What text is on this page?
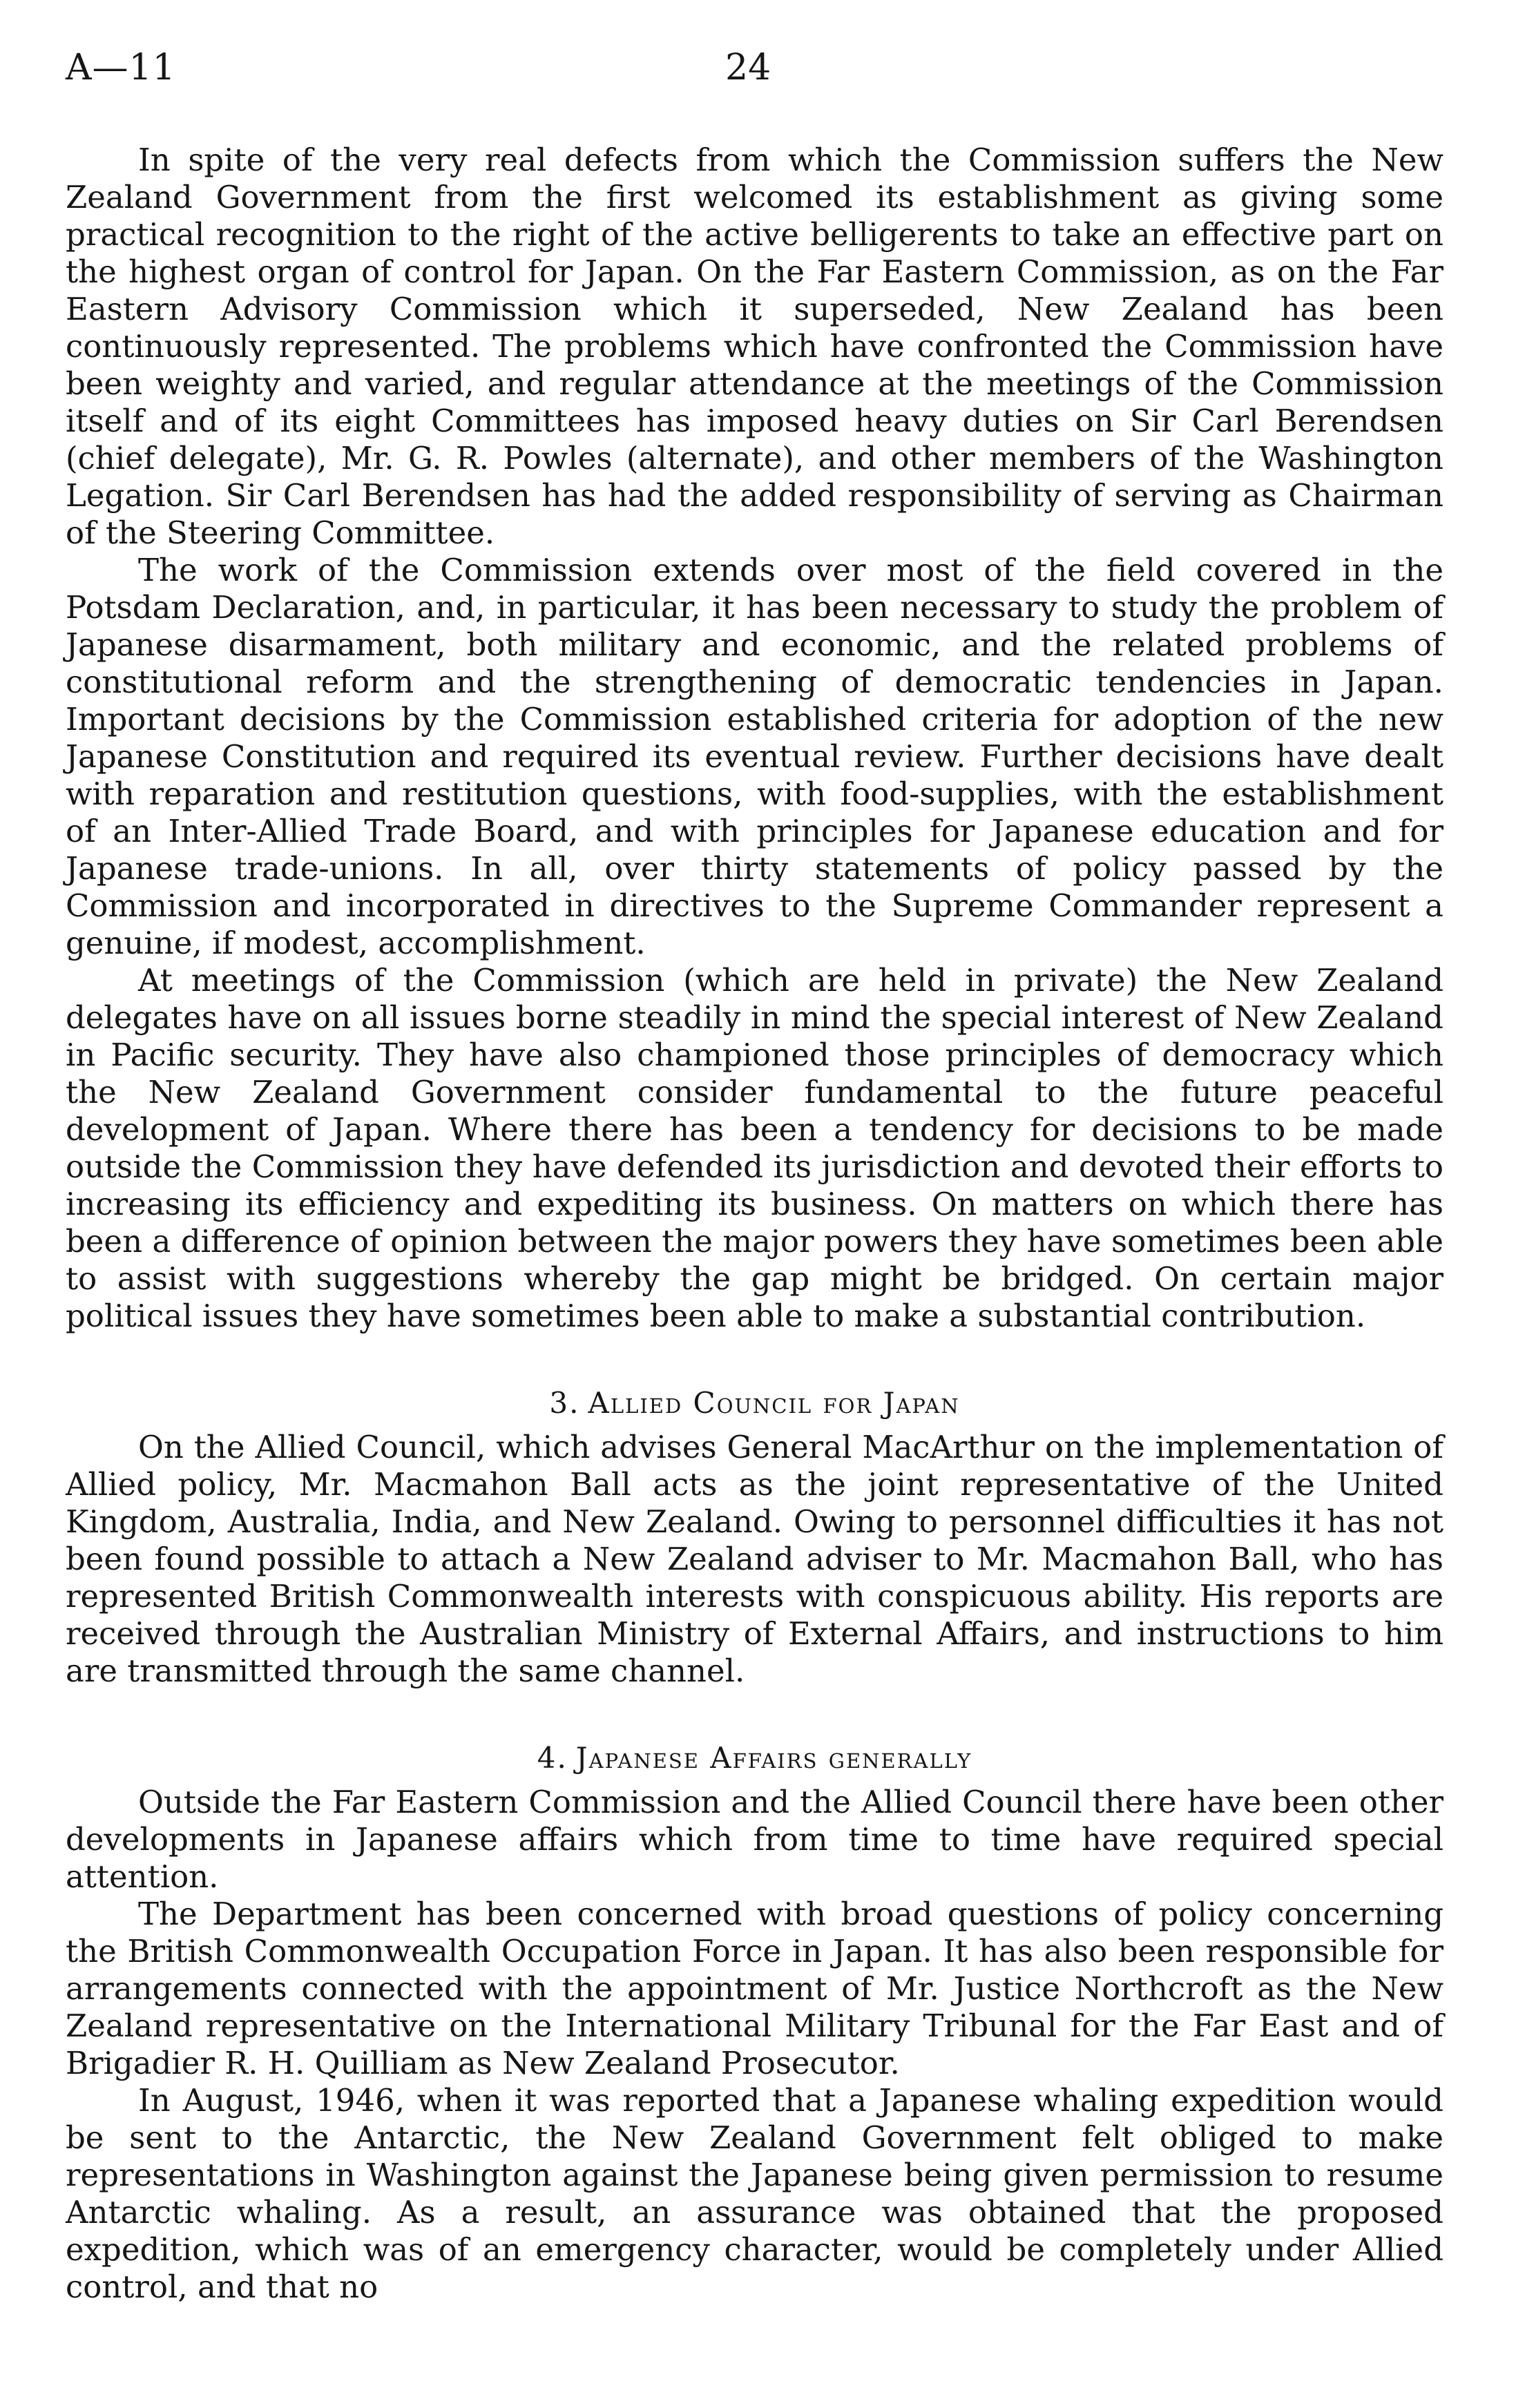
A—11	24

In spite of the very real defects from which the Commission suffers the New Zealand Government from the first welcomed its establishment as giving some practical recognition to the right of the active belligerents to take an effective part on the highest organ of control for Japan. On the Far Eastern Commission, as on the Far Eastern Advisory Commission which it superseded, New Zealand has been continuously represented. The problems which have confronted the Commission have been weighty and varied, and regular attendance at the meetings of the Commission itself and of its eight Committees has imposed heavy duties on Sir Carl Berendsen (chief delegate), Mr. G. R. Powles (alternate), and other members of the Washington Legation. Sir Carl Berendsen has had the added responsibility of serving as Chairman of the Steering Committee.

The work of the Commission extends over most of the field covered in the Potsdam Declaration, and, in particular, it has been necessary to study the problem of Japanese disarmament, both military and economic, and the related problems of constitutional reform and the strengthening of democratic tendencies in Japan. Important decisions by the Commission established criteria for adoption of the new Japanese Constitution and required its eventual review. Further decisions have dealt with reparation and restitution questions, with food-supplies, with the establishment of an Inter-Allied Trade Board, and with principles for Japanese education and for Japanese trade-unions. In all, over thirty statements of policy passed by the Commission and incorporated in directives to the Supreme Commander represent a genuine, if modest, accomplishment.

At meetings of the Commission (which are held in private) the New Zealand delegates have on all issues borne steadily in mind the special interest of New Zealand in Pacific security. They have also championed those principles of democracy which the New Zealand Government consider fundamental to the future peaceful development of Japan. Where there has been a tendency for decisions to be made outside the Commission they have defended its jurisdiction and devoted their efforts to increasing its efficiency and expediting its business. On matters on which there has been a difference of opinion between the major powers they have sometimes been able to assist with suggestions whereby the gap might be bridged. On certain major political issues they have sometimes been able to make a substantial contribution.

3. Allied Council for Japan

On the Allied Council, which advises General MacArthur on the implementation of Allied policy, Mr. Macmahon Ball acts as the joint representative of the United Kingdom, Australia, India, and New Zealand. Owing to personnel difficulties it has not been found possible to attach a New Zealand adviser to Mr. Macmahon Ball, who has represented British Commonwealth interests with conspicuous ability. His reports are received through the Australian Ministry of External Affairs, and instructions to him are transmitted through the same channel.

4. Japanese Affairs generally

Outside the Far Eastern Commission and the Allied Council there have been other developments in Japanese affairs which from time to time have required special attention.

The Department has been concerned with broad questions of policy concerning the British Commonwealth Occupation Force in Japan. It has also been responsible for arrangements connected with the appointment of Mr. Justice Northcroft as the New Zealand representative on the International Military Tribunal for the Far East and of Brigadier R. H. Quilliam as New Zealand Prosecutor.

In August, 1946, when it was reported that a Japanese whaling expedition would be sent to the Antarctic, the New Zealand Government felt obliged to make representations in Washington against the Japanese being given permission to resume Antarctic whaling. As a result, an assurance was obtained that the proposed expedition, which was of an emergency character, would be completely under Allied control, and that no
